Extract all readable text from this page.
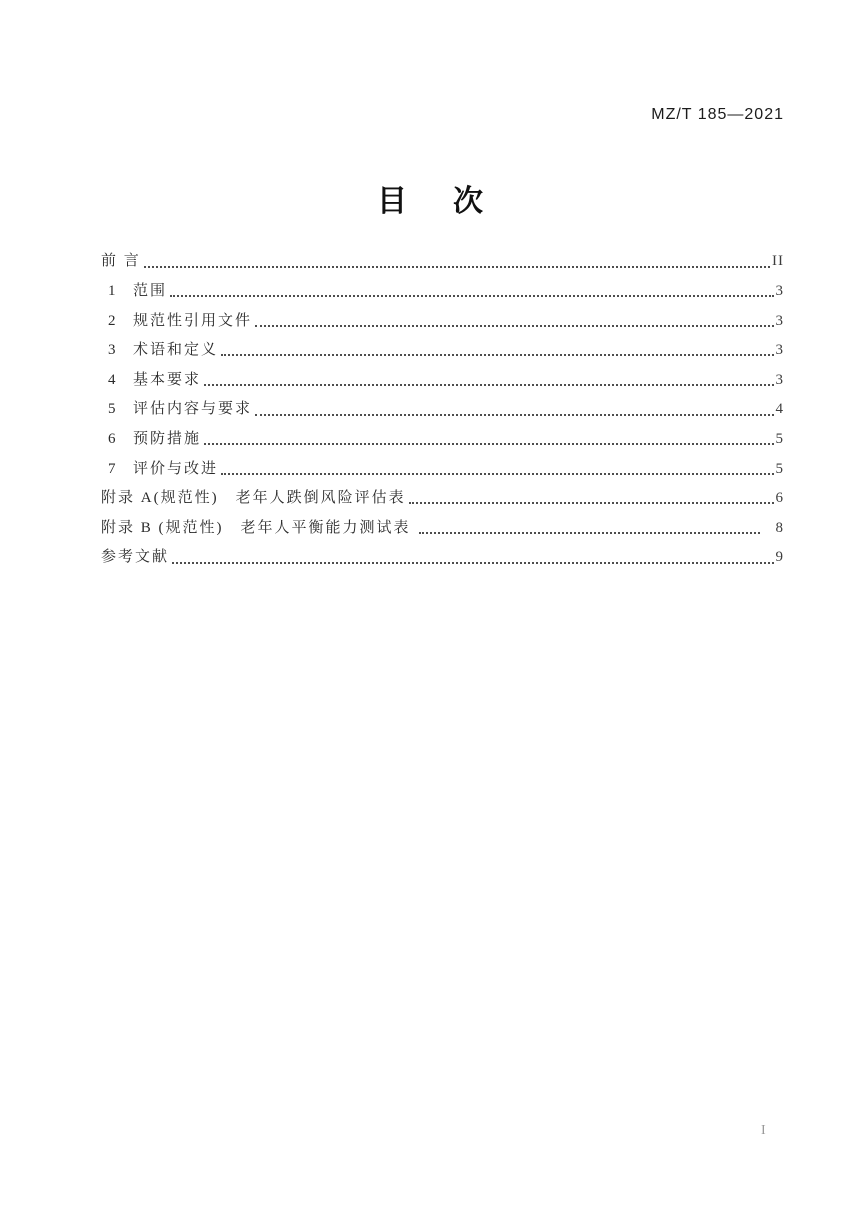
MZ/T 185—2021
目　次
前 言	II
1	范围	3
2	规范性引用文件	3
3	术语和定义	3
4	基本要求	3
5	评估内容与要求	4
6	预防措施	5
7	评价与改进	5
附录 A(规范性)　老年人跌倒风险评估表	6
附录 B (规范性)　老年人平衡能力测试表	8
参考文献	9
I
